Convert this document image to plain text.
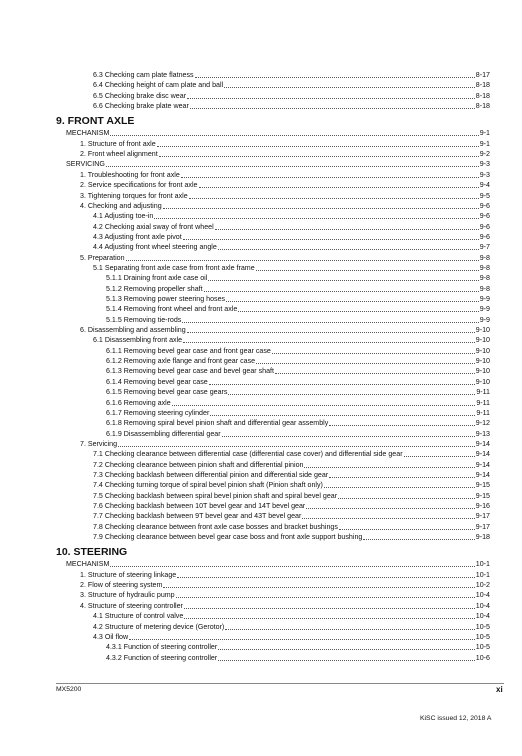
6.3 Checking cam plate flatness	8-17
6.4 Checking height of cam plate and ball	8-18
6.5 Checking brake disc wear	8-18
6.6 Checking brake plate wear	8-18
9. FRONT AXLE
MECHANISM	9-1
1. Structure of front axle	9-1
2. Front wheel alignment	9-2
SERVICING	9-3
1. Troubleshooting for front axle	9-3
2. Service specifications for front axle	9-4
3. Tightening torques for front axle	9-5
4. Checking and adjusting	9-6
4.1 Adjusting toe-in	9-6
4.2 Checking axial sway of front wheel	9-6
4.3 Adjusting front axle pivot	9-6
4.4 Adjusting front wheel steering angle	9-7
5. Preparation	9-8
5.1 Separating front axle case from front axle frame	9-8
5.1.1 Draining front axle case oil	9-8
5.1.2 Removing propeller shaft	9-8
5.1.3 Removing power steering hoses	9-9
5.1.4 Removing front wheel and front axle	9-9
5.1.5 Removing tie-rods	9-9
6. Disassembling and assembling	9-10
6.1 Disassembling front axle	9-10
6.1.1 Removing bevel gear case and front gear case	9-10
6.1.2 Removing axle flange and front gear case	9-10
6.1.3 Removing bevel gear case and bevel gear shaft	9-10
6.1.4 Removing bevel gear case	9-10
6.1.5 Removing bevel gear case gears	9-11
6.1.6 Removing axle	9-11
6.1.7 Removing steering cylinder	9-11
6.1.8 Removing spiral bevel pinion shaft and differential gear assembly	9-12
6.1.9 Disassembling differential gear	9-13
7. Servicing	9-14
7.1 Checking clearance between differential case (differential case cover) and differential side gear	9-14
7.2 Checking clearance between pinion shaft and differential pinion	9-14
7.3 Checking backlash between differential pinion and differential side gear	9-14
7.4 Checking turning torque of spiral bevel pinion shaft (Pinion shaft only)	9-15
7.5 Checking backlash between spiral bevel pinion shaft and spiral bevel gear	9-15
7.6 Checking backlash between 10T bevel gear and 14T bevel gear	9-16
7.7 Checking backlash between 9T bevel gear and 43T bevel gear	9-17
7.8 Checking clearance between front axle case bosses and bracket bushings	9-17
7.9 Checking clearance between bevel gear case boss and front axle support bushing	9-18
10. STEERING
MECHANISM	10-1
1. Structure of steering linkage	10-1
2. Flow of steering system	10-2
3. Structure of hydraulic pump	10-4
4. Structure of steering controller	10-4
4.1 Structure of control valve	10-4
4.2 Structure of metering device (Gerotor)	10-5
4.3 Oil flow	10-5
4.3.1 Function of steering controller	10-5
4.3.2 Function of steering controller	10-6
MX5200	xi
KiSC issued 12, 2018 A
